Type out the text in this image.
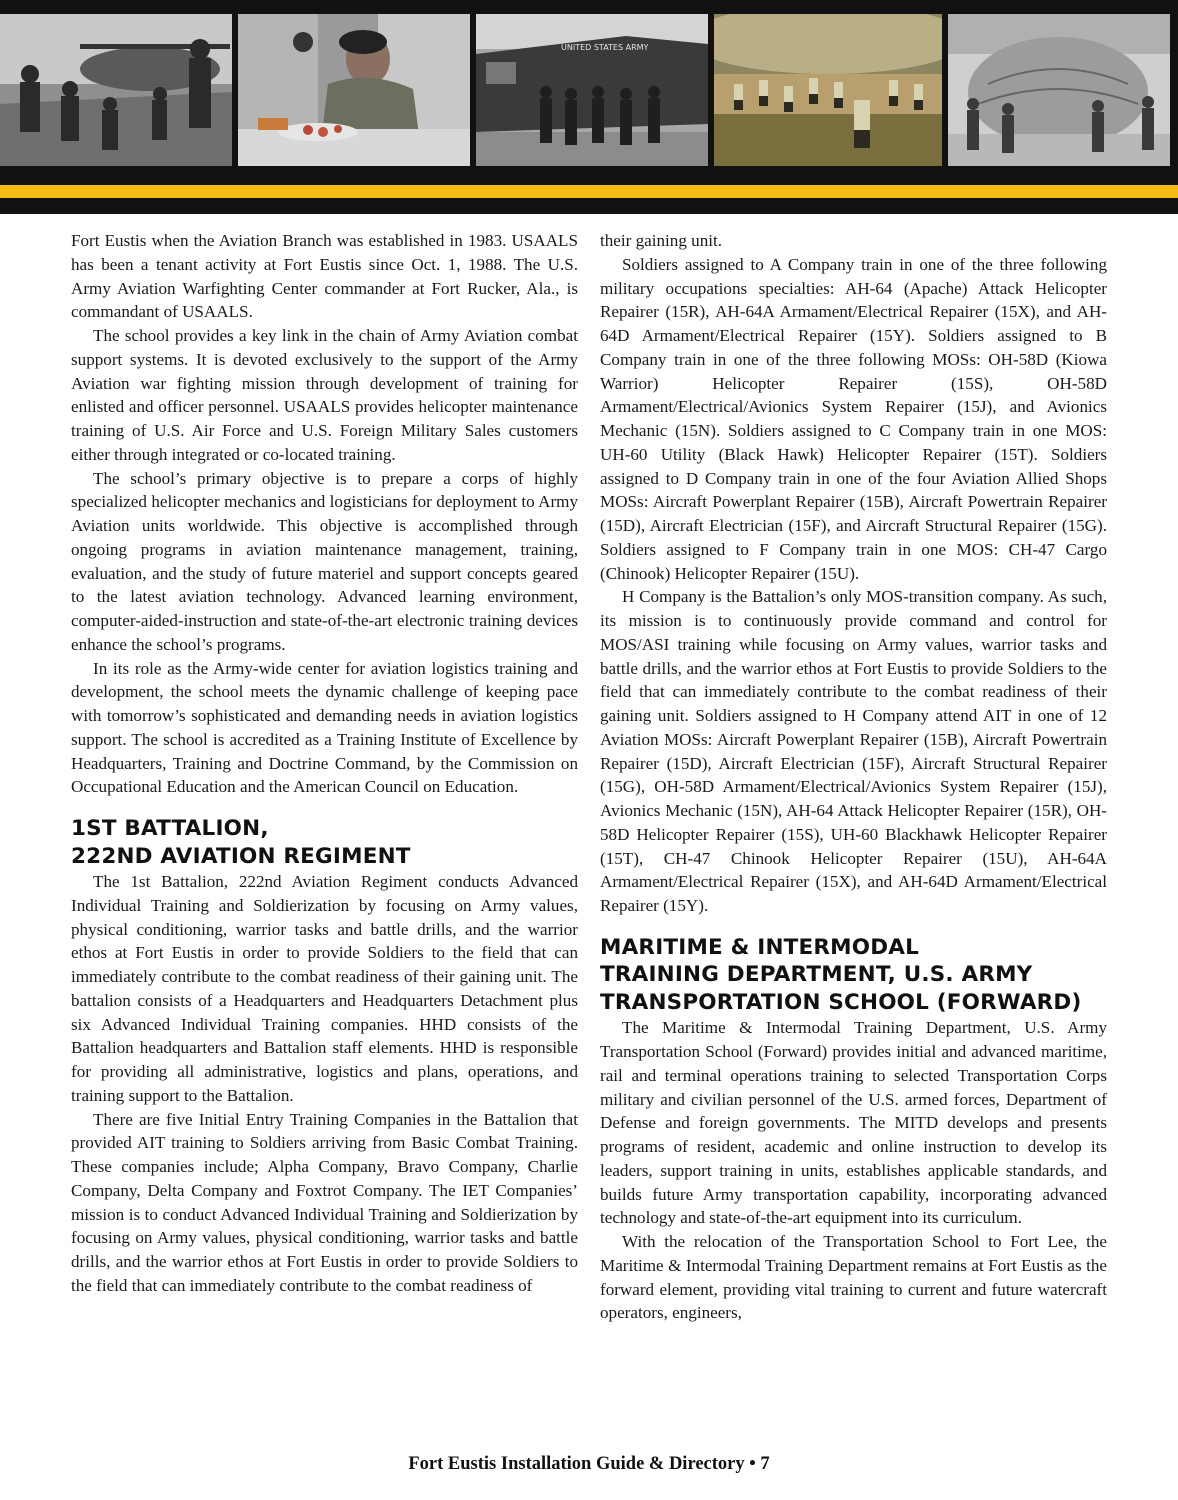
UNITED STATES ARMY

Fort Eustis when the Aviation Branch was established in 1983. USAALS has been a tenant activity at Fort Eustis since Oct. 1, 1988. The U.S. Army Aviation Warfighting Center commander at Fort Rucker, Ala., is commandant of USAALS.

The school provides a key link in the chain of Army Aviation combat support systems. It is devoted exclusively to the support of the Army Aviation war fighting mission through development of training for enlisted and officer personnel. USAALS provides helicopter maintenance training of U.S. Air Force and U.S. Foreign Military Sales customers either through integrated or co-located training.

The school’s primary objective is to prepare a corps of highly specialized helicopter mechanics and logisticians for deployment to Army Aviation units worldwide. This objective is accomplished through ongoing programs in aviation maintenance management, training, evaluation, and the study of future materiel and support concepts geared to the latest aviation technology. Advanced learning environment, computer-aided-instruction and state-of-the-art electronic training devices enhance the school’s programs.

In its role as the Army-wide center for aviation logistics training and development, the school meets the dynamic challenge of keeping pace with tomorrow’s sophisticated and demanding needs in aviation logistics support. The school is accredited as a Training Institute of Excellence by Headquarters, Training and Doctrine Command, by the Commission on Occupational Education and the American Council on Education.

1ST BATTALION,
222ND AVIATION REGIMENT

The 1st Battalion, 222nd Aviation Regiment conducts Advanced Individual Training and Soldierization by focusing on Army values, physical conditioning, warrior tasks and battle drills, and the warrior ethos at Fort Eustis in order to provide Soldiers to the field that can immediately contribute to the combat readiness of their gaining unit. The battalion consists of a Headquarters and Headquarters Detachment plus six Advanced Individual Training companies. HHD consists of the Battalion headquarters and Battalion staff elements. HHD is responsible for providing all administrative, logistics and plans, operations, and training support to the Battalion.

There are five Initial Entry Training Companies in the Battalion that provided AIT training to Soldiers arriving from Basic Combat Training. These companies include; Alpha Company, Bravo Company, Charlie Company, Delta Company and Foxtrot Company. The IET Companies’ mission is to conduct Advanced Individual Training and Soldierization by focusing on Army values, physical conditioning, warrior tasks and battle drills, and the warrior ethos at Fort Eustis in order to provide Soldiers to the field that can immediately contribute to the combat readiness of

their gaining unit.

Soldiers assigned to A Company train in one of the three following military occupations specialties: AH-64 (Apache) Attack Helicopter Repairer (15R), AH-64A Armament/Electrical Repairer (15X), and AH-64D Armament/Electrical Repairer (15Y). Soldiers assigned to B Company train in one of the three following MOSs: OH-58D (Kiowa Warrior) Helicopter Repairer (15S), OH-58D Armament/Electrical/Avionics System Repairer (15J), and Avionics Mechanic (15N). Soldiers assigned to C Company train in one MOS: UH-60 Utility (Black Hawk) Helicopter Repairer (15T). Soldiers assigned to D Company train in one of the four Aviation Allied Shops MOSs: Aircraft Powerplant Repairer (15B), Aircraft Powertrain Repairer (15D), Aircraft Electrician (15F), and Aircraft Structural Repairer (15G). Soldiers assigned to F Company train in one MOS: CH-47 Cargo (Chinook) Helicopter Repairer (15U).

H Company is the Battalion’s only MOS-transition company. As such, its mission is to continuously provide command and control for MOS/ASI training while focusing on Army values, warrior tasks and battle drills, and the warrior ethos at Fort Eustis to provide Soldiers to the field that can immediately contribute to the combat readiness of their gaining unit. Soldiers assigned to H Company attend AIT in one of 12 Aviation MOSs: Aircraft Powerplant Repairer (15B), Aircraft Powertrain Repairer (15D), Aircraft Electrician (15F), Aircraft Structural Repairer (15G), OH-58D Armament/Electrical/Avionics System Repairer (15J), Avionics Mechanic (15N), AH-64 Attack Helicopter Repairer (15R), OH-58D Helicopter Repairer (15S), UH-60 Blackhawk Helicopter Repairer (15T), CH-47 Chinook Helicopter Repairer (15U), AH-64A Armament/Electrical Repairer (15X), and AH-64D Armament/Electrical Repairer (15Y).

MARITIME & INTERMODAL
TRAINING DEPARTMENT, U.S. ARMY
TRANSPORTATION SCHOOL (FORWARD)

The Maritime & Intermodal Training Department, U.S. Army Transportation School (Forward) provides initial and advanced maritime, rail and terminal operations training to selected Transportation Corps military and civilian personnel of the U.S. armed forces, Department of Defense and foreign governments. The MITD develops and presents programs of resident, academic and online instruction to develop its leaders, support training in units, establishes applicable standards, and builds future Army transportation capability, incorporating advanced technology and state-of-the-art equipment into its curriculum.

With the relocation of the Transportation School to Fort Lee, the Maritime & Intermodal Training Department remains at Fort Eustis as the forward element, providing vital training to current and future watercraft operators, engineers,

Fort Eustis Installation Guide & Directory • 7
